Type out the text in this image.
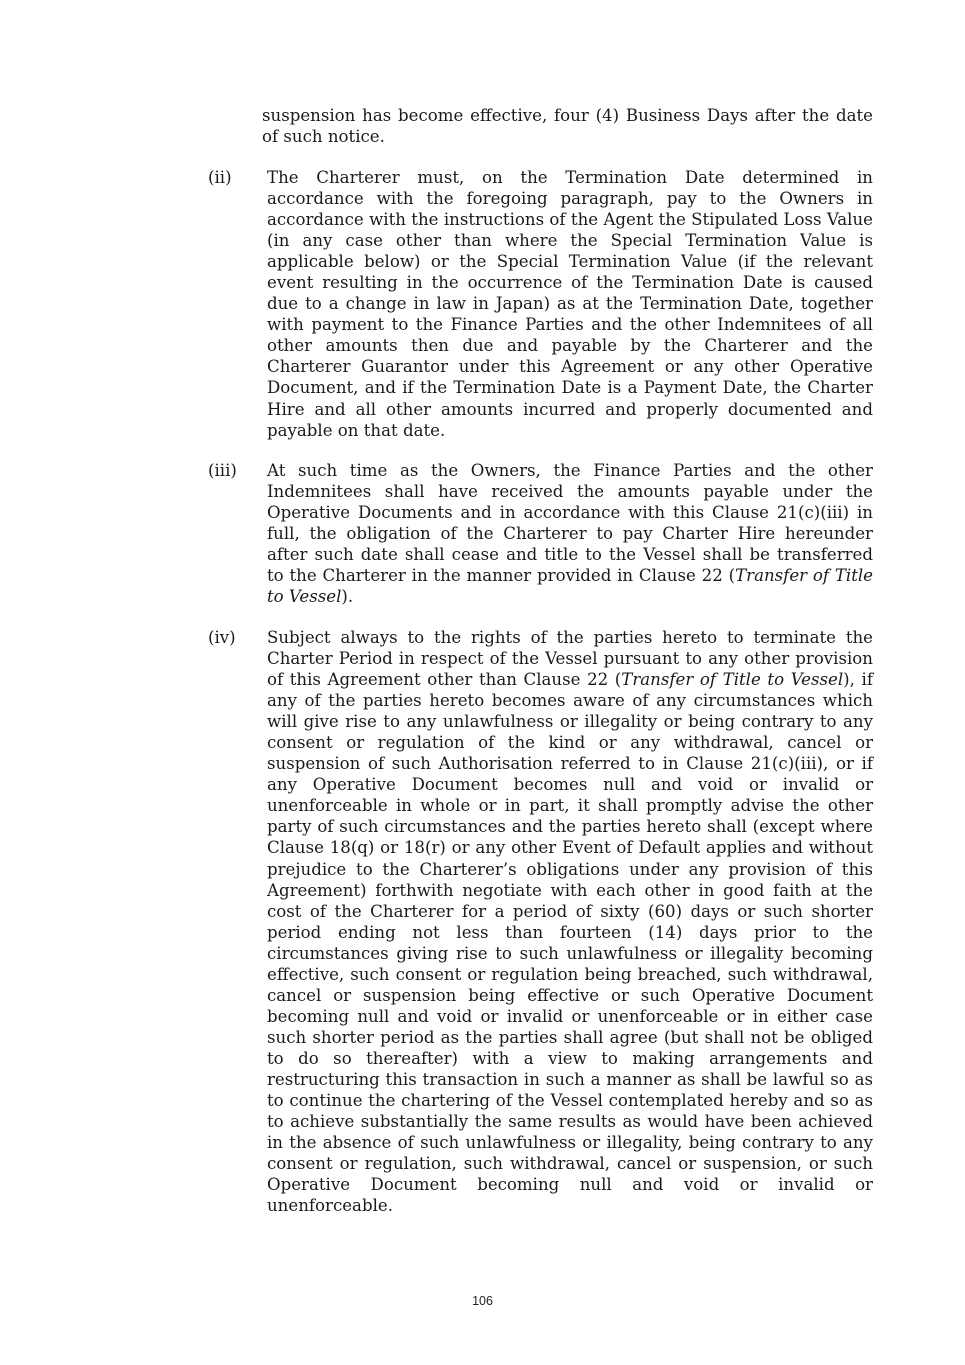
suspension has become effective, four (4) Business Days after the date of such notice.

(ii) The Charterer must, on the Termination Date determined in accordance with the foregoing paragraph, pay to the Owners in accordance with the instructions of the Agent the Stipulated Loss Value (in any case other than where the Special Termination Value is applicable below) or the Special Termination Value (if the relevant event resulting in the occurrence of the Termination Date is caused due to a change in law in Japan) as at the Termination Date, together with payment to the Finance Parties and the other Indemnitees of all other amounts then due and payable by the Charterer and the Charterer Guarantor under this Agreement or any other Operative Document, and if the Termination Date is a Payment Date, the Charter Hire and all other amounts incurred and properly documented and payable on that date.

(iii) At such time as the Owners, the Finance Parties and the other Indemnitees shall have received the amounts payable under the Operative Documents and in accordance with this Clause 21(c)(iii) in full, the obligation of the Charterer to pay Charter Hire hereunder after such date shall cease and title to the Vessel shall be transferred to the Charterer in the manner provided in Clause 22 (Transfer of Title to Vessel).

(iv) Subject always to the rights of the parties hereto to terminate the Charter Period in respect of the Vessel pursuant to any other provision of this Agreement other than Clause 22 (Transfer of Title to Vessel), if any of the parties hereto becomes aware of any circumstances which will give rise to any unlawfulness or illegality or being contrary to any consent or regulation of the kind or any withdrawal, cancel or suspension of such Authorisation referred to in Clause 21(c)(iii), or if any Operative Document becomes null and void or invalid or unenforceable in whole or in part, it shall promptly advise the other party of such circumstances and the parties hereto shall (except where Clause 18(q) or 18(r) or any other Event of Default applies and without prejudice to the Charterer’s obligations under any provision of this Agreement) forthwith negotiate with each other in good faith at the cost of the Charterer for a period of sixty (60) days or such shorter period ending not less than fourteen (14) days prior to the circumstances giving rise to such unlawfulness or illegality becoming effective, such consent or regulation being breached, such withdrawal, cancel or suspension being effective or such Operative Document becoming null and void or invalid or unenforceable or in either case such shorter period as the parties shall agree (but shall not be obliged to do so thereafter) with a view to making arrangements and restructuring this transaction in such a manner as shall be lawful so as to continue the chartering of the Vessel contemplated hereby and so as to achieve substantially the same results as would have been achieved in the absence of such unlawfulness or illegality, being contrary to any consent or regulation, such withdrawal, cancel or suspension, or such Operative Document becoming null and void or invalid or unenforceable.

106
